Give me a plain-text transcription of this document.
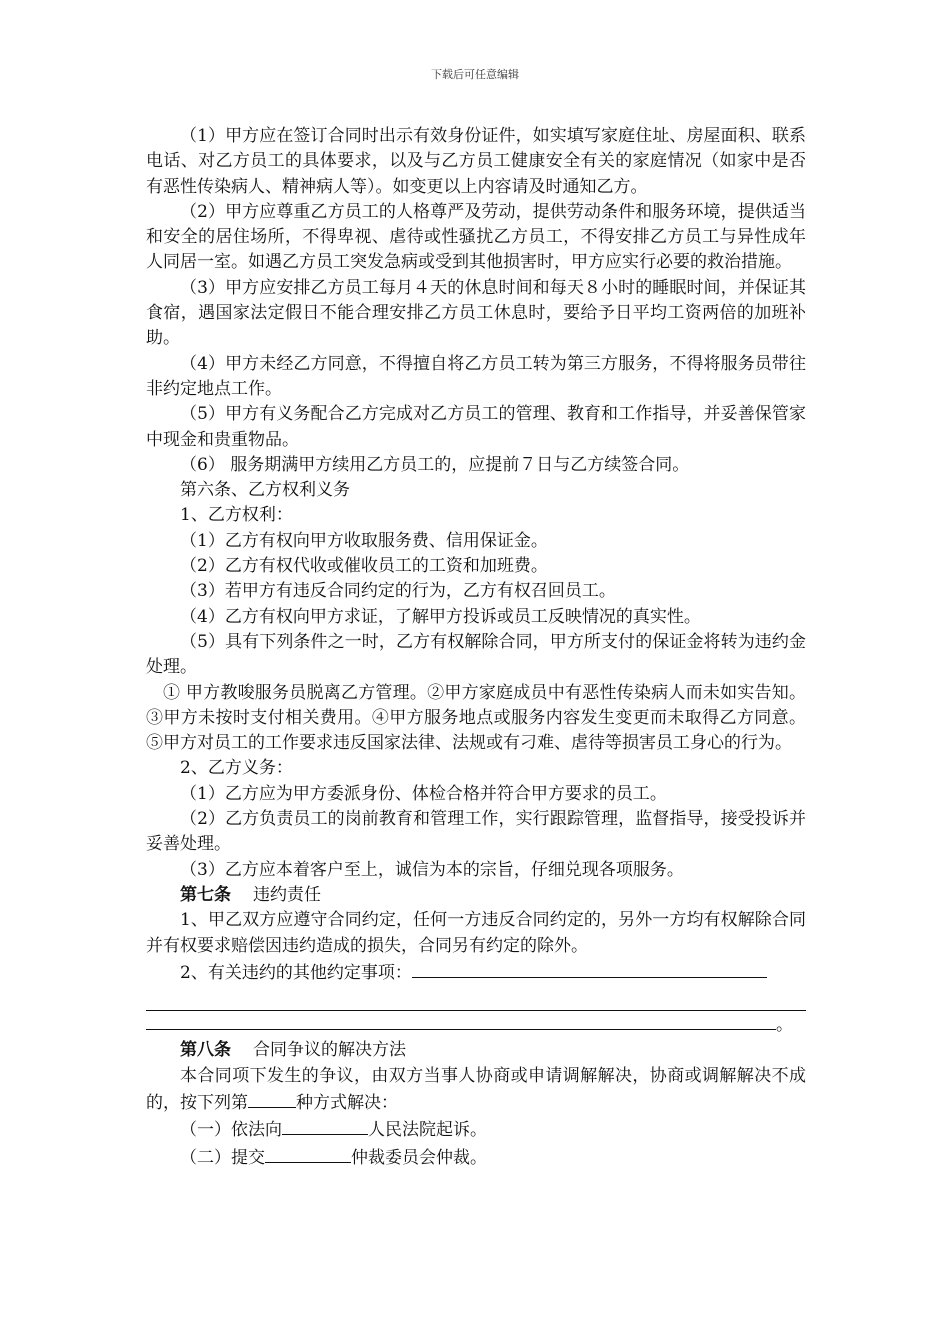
下载后可任意编辑

（1）甲方应在签订合同时出示有效身份证件，如实填写家庭住址、房屋面积、联系电话、对乙方员工的具体要求，以及与乙方员工健康安全有关的家庭情况（如家中是否有恶性传染病人、精神病人等）。如变更以上内容请及时通知乙方。

（2）甲方应尊重乙方员工的人格尊严及劳动，提供劳动条件和服务环境，提供适当和安全的居住场所，不得卑视、虐待或性骚扰乙方员工，不得安排乙方员工与异性成年人同居一室。如遇乙方员工突发急病或受到其他损害时，甲方应实行必要的救治措施。

（3）甲方应安排乙方员工每月４天的休息时间和每天８小时的睡眠时间，并保证其食宿，遇国家法定假日不能合理安排乙方员工休息时，要给予日平均工资两倍的加班补助。

（4）甲方未经乙方同意，不得擅自将乙方员工转为第三方服务，不得将服务员带往非约定地点工作。

（5）甲方有义务配合乙方完成对乙方员工的管理、教育和工作指导，并妥善保管家中现金和贵重物品。

（6） 服务期满甲方续用乙方员工的，应提前７日与乙方续签合同。

第六条、乙方权利义务

1、乙方权利：

（1）乙方有权向甲方收取服务费、信用保证金。

（2）乙方有权代收或催收员工的工资和加班费。

（3）若甲方有违反合同约定的行为，乙方有权召回员工。

（4）乙方有权向甲方求证，了解甲方投诉或员工反映情况的真实性。

（5）具有下列条件之一时，乙方有权解除合同，甲方所支付的保证金将转为违约金处理。

① 甲方教唆服务员脱离乙方管理。②甲方家庭成员中有恶性传染病人而未如实告知。③甲方未按时支付相关费用。④甲方服务地点或服务内容发生变更而未取得乙方同意。⑤甲方对员工的工作要求违反国家法律、法规或有刁难、虐待等损害员工身心的行为。

2、乙方义务：

（1）乙方应为甲方委派身份、体检合格并符合甲方要求的员工。

（2）乙方负责员工的岗前教育和管理工作，实行跟踪管理，监督指导，接受投诉并妥善处理。

（3）乙方应本着客户至上，诚信为本的宗旨，仔细兑现各项服务。

第七条 违约责任

1、甲乙双方应遵守合同约定，任何一方违反合同约定的，另外一方均有权解除合同并有权要求赔偿因违约造成的损失，合同另有约定的除外。

2、有关违约的其他约定事项：

。

第八条 合同争议的解决方法

本合同项下发生的争议，由双方当事人协商或申请调解解决，协商或调解解决不成的，按下列第	种方式解决：

（一）依法向	人民法院起诉。

（二）提交	仲裁委员会仲裁。
